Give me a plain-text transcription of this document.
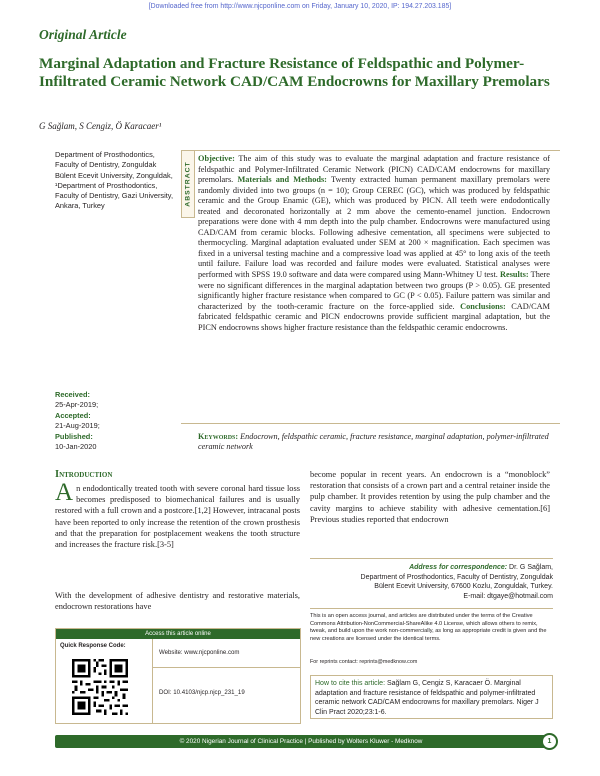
[Downloaded free from http://www.njcponline.com on Friday, January 10, 2020, IP: 194.27.203.185]
Original Article
Marginal Adaptation and Fracture Resistance of Feldspathic and Polymer-Infiltrated Ceramic Network CAD/CAM Endocrowns for Maxillary Premolars
G Sağlam, S Cengiz, Ö Karacaer¹
Department of Prosthodontics, Faculty of Dentistry, Zonguldak Bülent Ecevit University, Zonguldak, ¹Department of Prosthodontics, Faculty of Dentistry, Gazi University, Ankara, Turkey
Received:
25-Apr-2019;
Accepted:
21-Aug-2019;
Published:
10-Jan-2020
ABSTRACT
Objective: The aim of this study was to evaluate the marginal adaptation and fracture resistance of feldspathic and Polymer-Infiltrated Ceramic Network (PICN) CAD/CAM endocrowns for maxillary premolars. Materials and Methods: Twenty extracted human permanent maxillary premolars were randomly divided into two groups (n = 10); Group CEREC (GC), which was produced by feldspathic ceramic and the Group Enamic (GE), which was produced by PICN. All teeth were endodontically treated and decoronated horizontally at 2 mm above the cemento-enamel junction. Endocrown preparations were done with 4 mm depth into the pulp chamber. Endocrowns were manufactured using CAD/CAM from ceramic blocks. Following adhesive cementation, all specimens were subjected to thermocycling. Marginal adaptation evaluated under SEM at 200 × magnification. Each specimen was fixed in a universal testing machine and a compressive load was applied at 45° to long axis of the teeth until failure. Failure load was recorded and failure modes were evaluated. Statistical analyses were performed with SPSS 19.0 software and data were compared using Mann-Whitney U test. Results: There were no significant differences in the marginal adaptation between two groups (P > 0.05). GE presented significantly higher fracture resistance when compared to GC (P < 0.05). Failure pattern was similar and characterized by the tooth-ceramic fracture on the force-applied side. Conclusions: CAD/CAM fabricated feldspathic ceramic and PICN endocrowns provide sufficient marginal adaptation, but the PICN endocrowns shows higher fracture resistance than the feldspathic ceramic endocrowns.
Keywords: Endocrown, feldspathic ceramic, fracture resistance, marginal adaptation, polymer-infiltrated ceramic network
Introduction
An endodontically treated tooth with severe coronal hard tissue loss becomes predisposed to biomechanical failures and is usually restored with a full crown and a postcore.[1,2] However, intracanal posts have been reported to only increase the retention of the crown prosthesis and that the preparation for postplacement weakens the tooth structure and increases the fracture risk.[3-5]
With the development of adhesive dentistry and restorative materials, endocrown restorations have
become popular in recent years. An endocrown is a “monoblock” restoration that consists of a crown part and a central retainer inside the pulp chamber. It provides retention by using the pulp chamber and the cavity margins to achieve stability with adhesive cementation.[6] Previous studies reported that endocrown
Address for correspondence: Dr. G Sağlam,
Department of Prosthodontics, Faculty of Dentistry, Zonguldak
Bülent Ecevit University, 67600 Kozlu, Zonguldak, Turkey.
E-mail: dtgaye@hotmail.com
This is an open access journal, and articles are distributed under the terms of the Creative Commons Attribution-NonCommercial-ShareAlike 4.0 License, which allows others to remix, tweak, and build upon the work non-commercially, as long as appropriate credit is given and the new creations are licensed under the identical terms.
For reprints contact: reprints@medknow.com
How to cite this article: Sağlam G, Cengiz S, Karacaer Ö. Marginal adaptation and fracture resistance of feldspathic and polymer-infiltrated ceramic network CAD/CAM endocrowns for maxillary premolars. Niger J Clin Pract 2020;23:1-6.
Access this article online
Quick Response Code:
Website: www.njcponline.com
DOI: 10.4103/njcp.njcp_231_19
© 2020 Nigerian Journal of Clinical Practice | Published by Wolters Kluwer - Medknow	1
